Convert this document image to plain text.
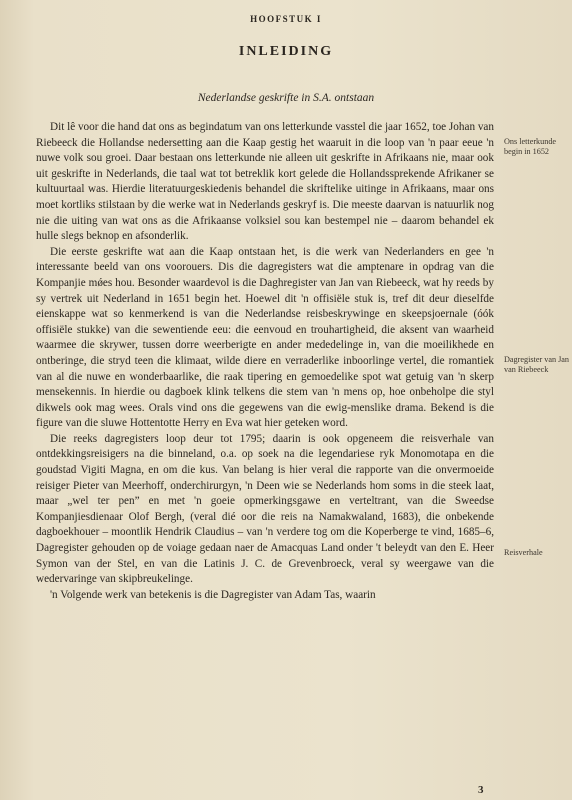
HOOFSTUK I
INLEIDING
Nederlandse geskrifte in S.A. ontstaan

Dit lê voor die hand dat ons as begindatum van ons letterkunde vasstel die jaar 1652, toe Johan van Riebeeck die Hollandse nedersetting aan die Kaap gestig het waaruit in die loop van 'n paar eeue 'n nuwe volk sou groei. Daar bestaan ons letterkunde nie alleen uit geskrifte in Afrikaans nie, maar ook uit geskrifte in Nederlands, die taal wat tot betreklik kort gelede die Hollandssprekende Afrikaner se kultuurtaal was. Hierdie literatuurgeskiedenis behandel die skriftelike uitinge in Afrikaans, maar ons moet kortliks stilstaan by die werke wat in Nederlands geskryf is. Die meeste daarvan is natuurlik nog nie die uiting van wat ons as die Afrikaanse volksiel sou kan bestempel nie – daarom behandel ek hulle slegs beknop en afsonderlik.

Die eerste geskrifte wat aan die Kaap ontstaan het, is die werk van Nederlanders en gee 'n interessante beeld van ons voorouers. Dis die dagregisters wat die amptenare in opdrag van die Kompanjie mǿes hou. Besonder waardevol is die Daghregister van Jan van Riebeeck, wat hy reeds by sy vertrek uit Nederland in 1651 begin het. Hoewel dit 'n offisiële stuk is, tref dit deur dieselfde eienskappe wat so kenmerkend is van die Nederlandse reisbeskrywinge en skeepsjoernale (óók offisiële stukke) van die sewentiende eeu: die eenvoud en trouhartigheid, die aksent van waarheid waarmee die skrywer, tussen dorre weerberigte en ander mededelinge in, van die moeilikhede en ontberinge, die stryd teen die klimaat, wilde diere en verraderlike inboorlinge vertel, die romantiek van al die nuwe en wonderbaarlike, die raak tipering en gemoedelike spot wat getuig van 'n skerp mensekennis. In hierdie ou dagboek klink telkens die stem van 'n mens op, hoe onbeholpe die styl dikwels ook mag wees. Orals vind ons die gegewens van die ewig-menslike drama. Bekend is die figure van die sluwe Hottentotte Herry en Eva wat hier geteken word.

Die reeks dagregisters loop deur tot 1795; daarin is ook opgeneem die reisverhale van ontdekkingsreisigers na die binneland, o.a. op soek na die legendariese ryk Monomotapa en die goudstad Vigiti Magna, en om die kus. Van belang is hier veral die rapporte van die onvermoeide reisiger Pieter van Meerhoff, onderchirurgyn, 'n Deen wie se Nederlands hom soms in die steek laat, maar „wel ter pen” en met 'n goeie opmerkingsgawe en verteltrant, van die Sweedse Kompanjiesdienaar Olof Bergh, (veral dié oor die reis na Namakwaland, 1683), die onbekende dagboekhouer – moontlik Hendrik Claudius – van 'n verdere tog om die Koperberge te vind, 1685–6, Dagregister gehouden op de voiage gedaan naer de Amacquas Land onder 't beleydt van den E. Heer Symon van der Stel, en van die Latinis J. C. de Grevenbroeck, veral sy weergawe van die wedervaringe van skipbreukelinge.

'n Volgende werk van betekenis is die Dagregister van Adam Tas, waarin

Ons letterkunde begin in 1652
Dagregister van Jan van Riebeeck
Reisverhale
3
